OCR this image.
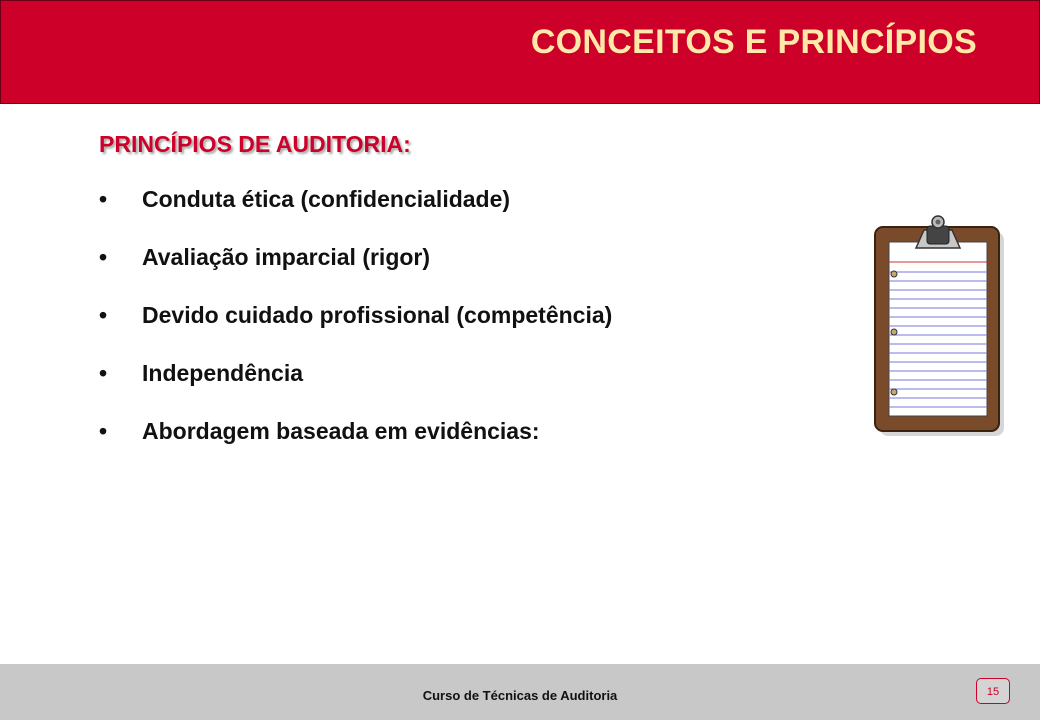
CONCEITOS E PRINCÍPIOS
PRINCÍPIOS DE AUDITORIA:
•	Conduta ética (confidencialidade)
•	Avaliação imparcial (rigor)
•	Devido cuidado profissional (competência)
•	Independência
•	Abordagem baseada em evidências:
Curso de Técnicas de Auditoria	15
